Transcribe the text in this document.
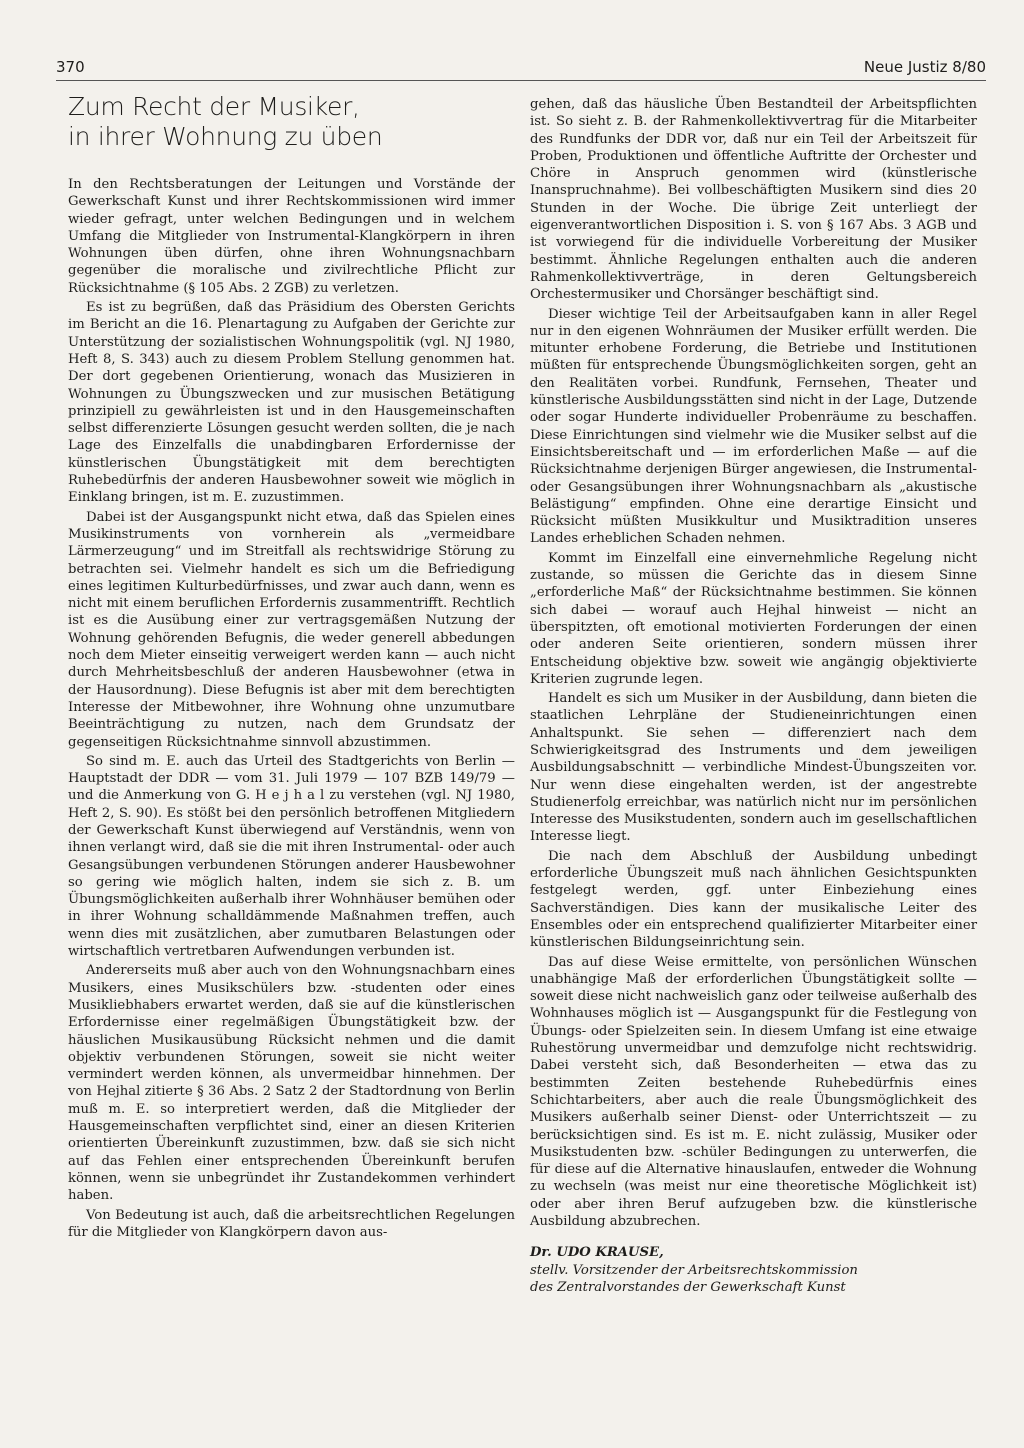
370	Neue Justiz 8/80
Zum Recht der Musiker,
in ihrer Wohnung zu üben

In den Rechtsberatungen der Leitungen und Vorstände der Gewerkschaft Kunst und ihrer Rechtskommissionen wird immer wieder gefragt, unter welchen Bedingungen und in welchem Umfang die Mitglieder von Instrumental-Klangkörpern in ihren Wohnungen üben dürfen, ohne ihren Wohnungsnachbarn gegenüber die moralische und zivilrechtliche Pflicht zur Rücksichtnahme (§ 105 Abs. 2 ZGB) zu verletzen.

Es ist zu begrüßen, daß das Präsidium des Obersten Gerichts im Bericht an die 16. Plenartagung zu Aufgaben der Gerichte zur Unterstützung der sozialistischen Wohnungspolitik (vgl. NJ 1980, Heft 8, S. 343) auch zu diesem Problem Stellung genommen hat. Der dort gegebenen Orientierung, wonach das Musizieren in Wohnungen zu Übungszwecken und zur musischen Betätigung prinzipiell zu gewährleisten ist und in den Hausgemeinschaften selbst differenzierte Lösungen gesucht werden sollten, die je nach Lage des Einzelfalls die unabdingbaren Erfordernisse der künstlerischen Übungstätigkeit mit dem berechtigten Ruhebedürfnis der anderen Hausbewohner soweit wie möglich in Einklang bringen, ist m. E. zuzustimmen.

Dabei ist der Ausgangspunkt nicht etwa, daß das Spielen eines Musikinstruments von vornherein als „vermeidbare Lärmerzeugung“ und im Streitfall als rechtswidrige Störung zu betrachten sei. Vielmehr handelt es sich um die Befriedigung eines legitimen Kulturbedürfnisses, und zwar auch dann, wenn es nicht mit einem beruflichen Erfordernis zusammentrifft. Rechtlich ist es die Ausübung einer zur vertragsgemäßen Nutzung der Wohnung gehörenden Befugnis, die weder generell abbedungen noch dem Mieter einseitig verweigert werden kann — auch nicht durch Mehrheitsbeschluß der anderen Hausbewohner (etwa in der Hausordnung). Diese Befugnis ist aber mit dem berechtigten Interesse der Mitbewohner, ihre Wohnung ohne unzumutbare Beeinträchtigung zu nutzen, nach dem Grundsatz der gegenseitigen Rücksichtnahme sinnvoll abzustimmen.

So sind m. E. auch das Urteil des Stadtgerichts von Berlin — Hauptstadt der DDR — vom 31. Juli 1979 — 107 BZB 149/79 — und die Anmerkung von G. H e j h a l zu verstehen (vgl. NJ 1980, Heft 2, S. 90). Es stößt bei den persönlich betroffenen Mitgliedern der Gewerkschaft Kunst überwiegend auf Verständnis, wenn von ihnen verlangt wird, daß sie die mit ihren Instrumental- oder auch Gesangsübungen verbundenen Störungen anderer Hausbewohner so gering wie möglich halten, indem sie sich z. B. um Übungsmöglichkeiten außerhalb ihrer Wohnhäuser bemühen oder in ihrer Wohnung schalldämmende Maßnahmen treffen, auch wenn dies mit zusätzlichen, aber zumutbaren Belastungen oder wirtschaftlich vertretbaren Aufwendungen verbunden ist.

Andererseits muß aber auch von den Wohnungsnachbarn eines Musikers, eines Musikschülers bzw. -studenten oder eines Musikliebhabers erwartet werden, daß sie auf die künstlerischen Erfordernisse einer regelmäßigen Übungstätigkeit bzw. der häuslichen Musikausübung Rücksicht nehmen und die damit objektiv verbundenen Störungen, soweit sie nicht weiter vermindert werden können, als unvermeidbar hinnehmen. Der von Hejhal zitierte § 36 Abs. 2 Satz 2 der Stadtordnung von Berlin muß m. E. so interpretiert werden, daß die Mitglieder der Hausgemeinschaften verpflichtet sind, einer an diesen Kriterien orientierten Übereinkunft zuzustimmen, bzw. daß sie sich nicht auf das Fehlen einer entsprechenden Übereinkunft berufen können, wenn sie unbegründet ihr Zustandekommen verhindert haben.

Von Bedeutung ist auch, daß die arbeitsrechtlichen Regelungen für die Mitglieder von Klangkörpern davon aus-

gehen, daß das häusliche Üben Bestandteil der Arbeitspflichten ist. So sieht z. B. der Rahmenkollektivvertrag für die Mitarbeiter des Rundfunks der DDR vor, daß nur ein Teil der Arbeitszeit für Proben, Produktionen und öffentliche Auftritte der Orchester und Chöre in Anspruch genommen wird (künstlerische Inanspruchnahme). Bei vollbeschäftigten Musikern sind dies 20 Stunden in der Woche. Die übrige Zeit unterliegt der eigenverantwortlichen Disposition i. S. von § 167 Abs. 3 AGB und ist vorwiegend für die individuelle Vorbereitung der Musiker bestimmt. Ähnliche Regelungen enthalten auch die anderen Rahmenkollektivverträge, in deren Geltungsbereich Orchestermusiker und Chorsänger beschäftigt sind.

Dieser wichtige Teil der Arbeitsaufgaben kann in aller Regel nur in den eigenen Wohnräumen der Musiker erfüllt werden. Die mitunter erhobene Forderung, die Betriebe und Institutionen müßten für entsprechende Übungsmöglichkeiten sorgen, geht an den Realitäten vorbei. Rundfunk, Fernsehen, Theater und künstlerische Ausbildungsstätten sind nicht in der Lage, Dutzende oder sogar Hunderte individueller Probenräume zu beschaffen. Diese Einrichtungen sind vielmehr wie die Musiker selbst auf die Einsichtsbereitschaft und — im erforderlichen Maße — auf die Rücksichtnahme derjenigen Bürger angewiesen, die Instrumental- oder Gesangsübungen ihrer Wohnungsnachbarn als „akustische Belästigung“ empfinden. Ohne eine derartige Einsicht und Rücksicht müßten Musikkultur und Musiktradition unseres Landes erheblichen Schaden nehmen.

Kommt im Einzelfall eine einvernehmliche Regelung nicht zustande, so müssen die Gerichte das in diesem Sinne „erforderliche Maß“ der Rücksichtnahme bestimmen. Sie können sich dabei — worauf auch Hejhal hinweist — nicht an überspitzten, oft emotional motivierten Forderungen der einen oder anderen Seite orientieren, sondern müssen ihrer Entscheidung objektive bzw. soweit wie angängig objektivierte Kriterien zugrunde legen.

Handelt es sich um Musiker in der Ausbildung, dann bieten die staatlichen Lehrpläne der Studieneinrichtungen einen Anhaltspunkt. Sie sehen — differenziert nach dem Schwierigkeitsgrad des Instruments und dem jeweiligen Ausbildungsabschnitt — verbindliche Mindest-Übungszeiten vor. Nur wenn diese eingehalten werden, ist der angestrebte Studienerfolg erreichbar, was natürlich nicht nur im persönlichen Interesse des Musikstudenten, sondern auch im gesellschaftlichen Interesse liegt.

Die nach dem Abschluß der Ausbildung unbedingt erforderliche Übungszeit muß nach ähnlichen Gesichtspunkten festgelegt werden, ggf. unter Einbeziehung eines Sachverständigen. Dies kann der musikalische Leiter des Ensembles oder ein entsprechend qualifizierter Mitarbeiter einer künstlerischen Bildungseinrichtung sein.

Das auf diese Weise ermittelte, von persönlichen Wünschen unabhängige Maß der erforderlichen Übungstätigkeit sollte — soweit diese nicht nachweislich ganz oder teilweise außerhalb des Wohnhauses möglich ist — Ausgangspunkt für die Festlegung von Übungs- oder Spielzeiten sein. In diesem Umfang ist eine etwaige Ruhestörung unvermeidbar und demzufolge nicht rechtswidrig. Dabei versteht sich, daß Besonderheiten — etwa das zu bestimmten Zeiten bestehende Ruhebedürfnis eines Schichtarbeiters, aber auch die reale Übungsmöglichkeit des Musikers außerhalb seiner Dienst- oder Unterrichtszeit — zu berücksichtigen sind. Es ist m. E. nicht zulässig, Musiker oder Musikstudenten bzw. -schüler Bedingungen zu unterwerfen, die für diese auf die Alternative hinauslaufen, entweder die Wohnung zu wechseln (was meist nur eine theoretische Möglichkeit ist) oder aber ihren Beruf aufzugeben bzw. die künstlerische Ausbildung abzubrechen.

Dr. UDO KRAUSE,
stellv. Vorsitzender der Arbeitsrechtskommission
des Zentralvorstandes der Gewerkschaft Kunst
